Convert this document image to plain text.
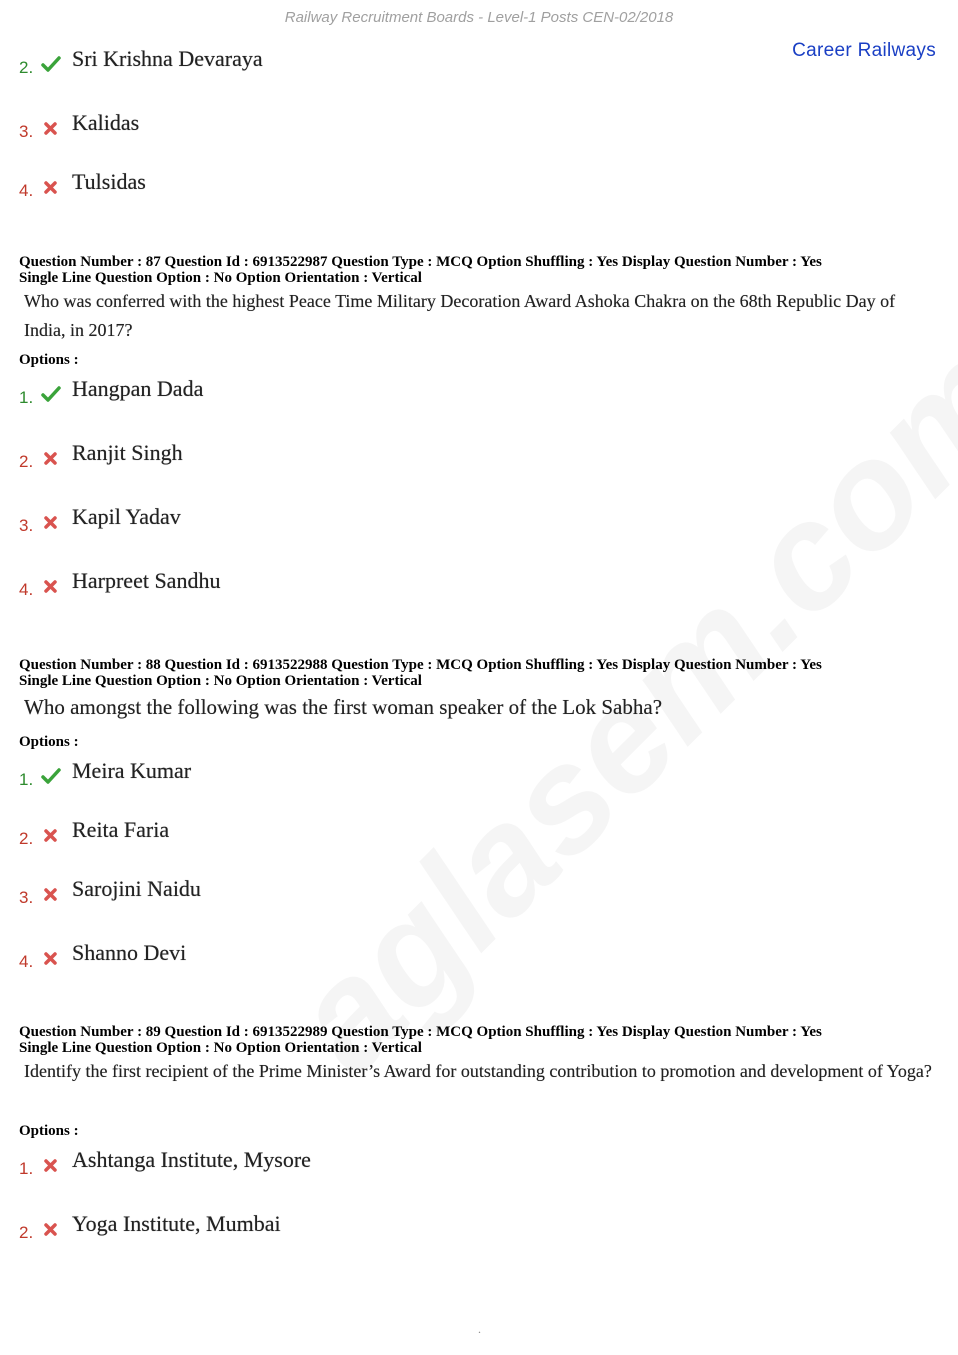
Railway Recruitment Boards - Level-1 Posts CEN-02/2018
Career Railways
2. Sri Krishna Devaraya
3. Kalidas
4. Tulsidas
Question Number : 87 Question Id : 6913522987 Question Type : MCQ Option Shuffling : Yes Display Question Number : Yes
Single Line Question Option : No Option Orientation : Vertical
Who was conferred with the highest Peace Time Military Decoration Award Ashoka Chakra on the 68th Republic Day of India, in 2017?
Options :
1. Hangpan Dada
2. Ranjit Singh
3. Kapil Yadav
4. Harpreet Sandhu
Question Number : 88 Question Id : 6913522988 Question Type : MCQ Option Shuffling : Yes Display Question Number : Yes
Single Line Question Option : No Option Orientation : Vertical
Who amongst the following was the first woman speaker of the Lok Sabha?
Options :
1. Meira Kumar
2. Reita Faria
3. Sarojini Naidu
4. Shanno Devi
Question Number : 89 Question Id : 6913522989 Question Type : MCQ Option Shuffling : Yes Display Question Number : Yes
Single Line Question Option : No Option Orientation : Vertical
Identify the first recipient of the Prime Minister’s Award for outstanding contribution to promotion and development of Yoga?
Options :
1. Ashtanga Institute, Mysore
2. Yoga Institute, Mumbai
.
